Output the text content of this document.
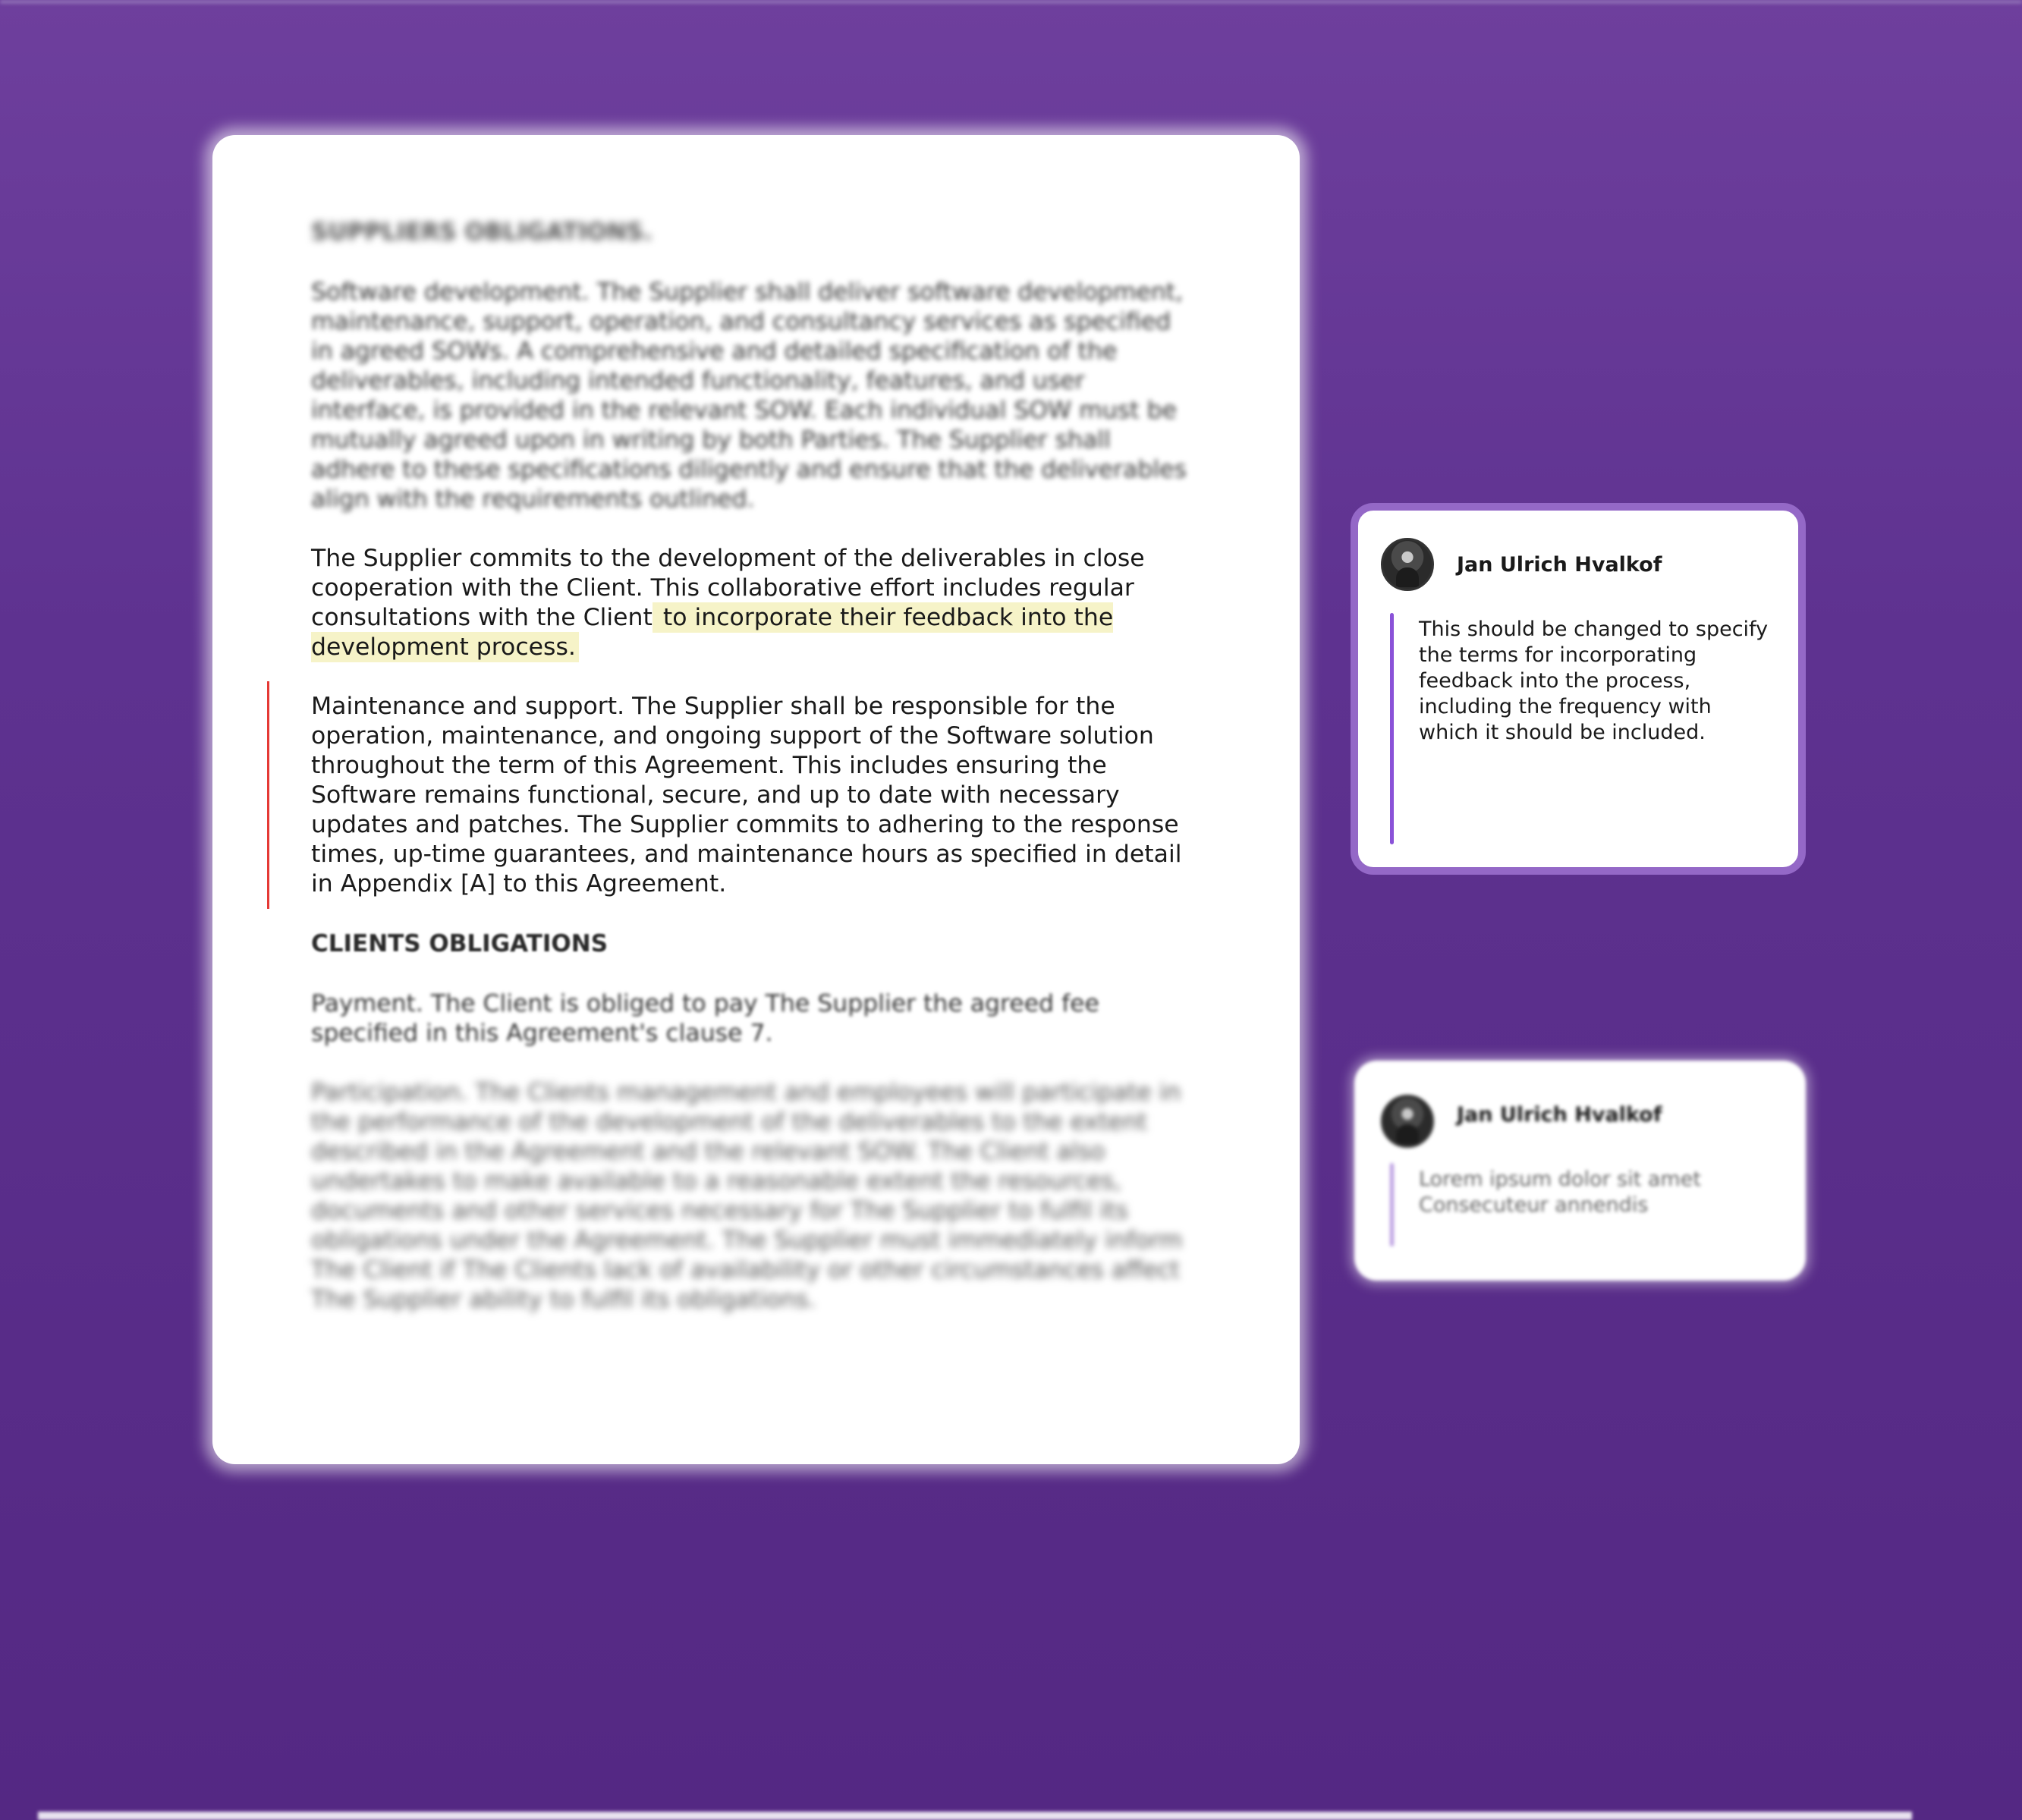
SUPPLIERS OBLIGATIONS.
Software development. The Supplier shall deliver software development, maintenance, support, operation, and consultancy services as specified in agreed SOWs. A comprehensive and detailed specification of the deliverables, including intended functionality, features, and user interface, is provided in the relevant SOW. Each individual SOW must be mutually agreed upon in writing by both Parties. The Supplier shall adhere to these specifications diligently and ensure that the deliverables align with the requirements outlined.
The Supplier commits to the development of the deliverables in close cooperation with the Client. This collaborative effort includes regular consultations with the Client to incorporate their feedback into the development process.
Maintenance and support. The Supplier shall be responsible for the operation, maintenance, and ongoing support of the Software solution throughout the term of this Agreement. This includes ensuring the Software remains functional, secure, and up to date with necessary updates and patches. The Supplier commits to adhering to the response times, up-time guarantees, and maintenance hours as specified in detail in Appendix [A] to this Agreement.
CLIENTS OBLIGATIONS
Payment. The Client is obliged to pay The Supplier the agreed fee specified in this Agreement's clause 7.
Participation. The Clients management and employees will participate in the performance of the development of the deliverables to the extent described in the Agreement and the relevant SOW. The Client also undertakes to make available to a reasonable extent the resources, documents and other services necessary for The Supplier to fulfil its obligations under the Agreement. The Supplier must immediately inform The Client if The Clients lack of availability or other circumstances affect The Supplier ability to fulfil its obligations.
Jan Ulrich Hvalkof
This should be changed to specify the terms for incorporating feedback into the process, including the frequency with which it should be included.
Jan Ulrich Hvalkof
Lorem ipsum dolor sit amet
Consecuteur annendis
